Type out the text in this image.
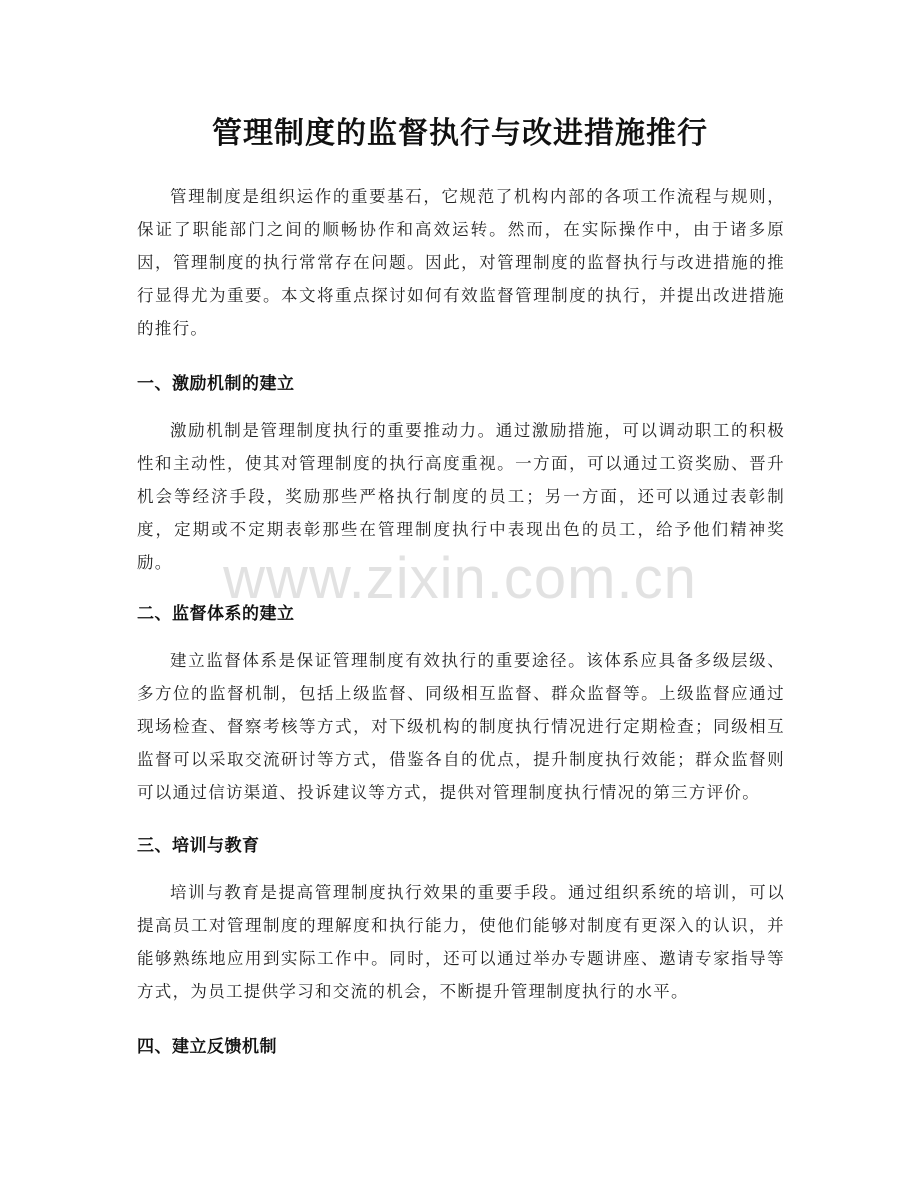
管理制度的监督执行与改进措施推行

管理制度是组织运作的重要基石，它规范了机构内部的各项工作流程与规则，保证了职能部门之间的顺畅协作和高效运转。然而，在实际操作中，由于诸多原因，管理制度的执行常常存在问题。因此，对管理制度的监督执行与改进措施的推行显得尤为重要。本文将重点探讨如何有效监督管理制度的执行，并提出改进措施的推行。

一、激励机制的建立

激励机制是管理制度执行的重要推动力。通过激励措施，可以调动职工的积极性和主动性，使其对管理制度的执行高度重视。一方面，可以通过工资奖励、晋升机会等经济手段，奖励那些严格执行制度的员工；另一方面，还可以通过表彰制度，定期或不定期表彰那些在管理制度执行中表现出色的员工，给予他们精神奖励。

二、监督体系的建立

建立监督体系是保证管理制度有效执行的重要途径。该体系应具备多级层级、多方位的监督机制，包括上级监督、同级相互监督、群众监督等。上级监督应通过现场检查、督察考核等方式，对下级机构的制度执行情况进行定期检查；同级相互监督可以采取交流研讨等方式，借鉴各自的优点，提升制度执行效能；群众监督则可以通过信访渠道、投诉建议等方式，提供对管理制度执行情况的第三方评价。

三、培训与教育

培训与教育是提高管理制度执行效果的重要手段。通过组织系统的培训，可以提高员工对管理制度的理解度和执行能力，使他们能够对制度有更深入的认识，并能够熟练地应用到实际工作中。同时，还可以通过举办专题讲座、邀请专家指导等方式，为员工提供学习和交流的机会，不断提升管理制度执行的水平。

四、建立反馈机制
www.zixin.com.cn
